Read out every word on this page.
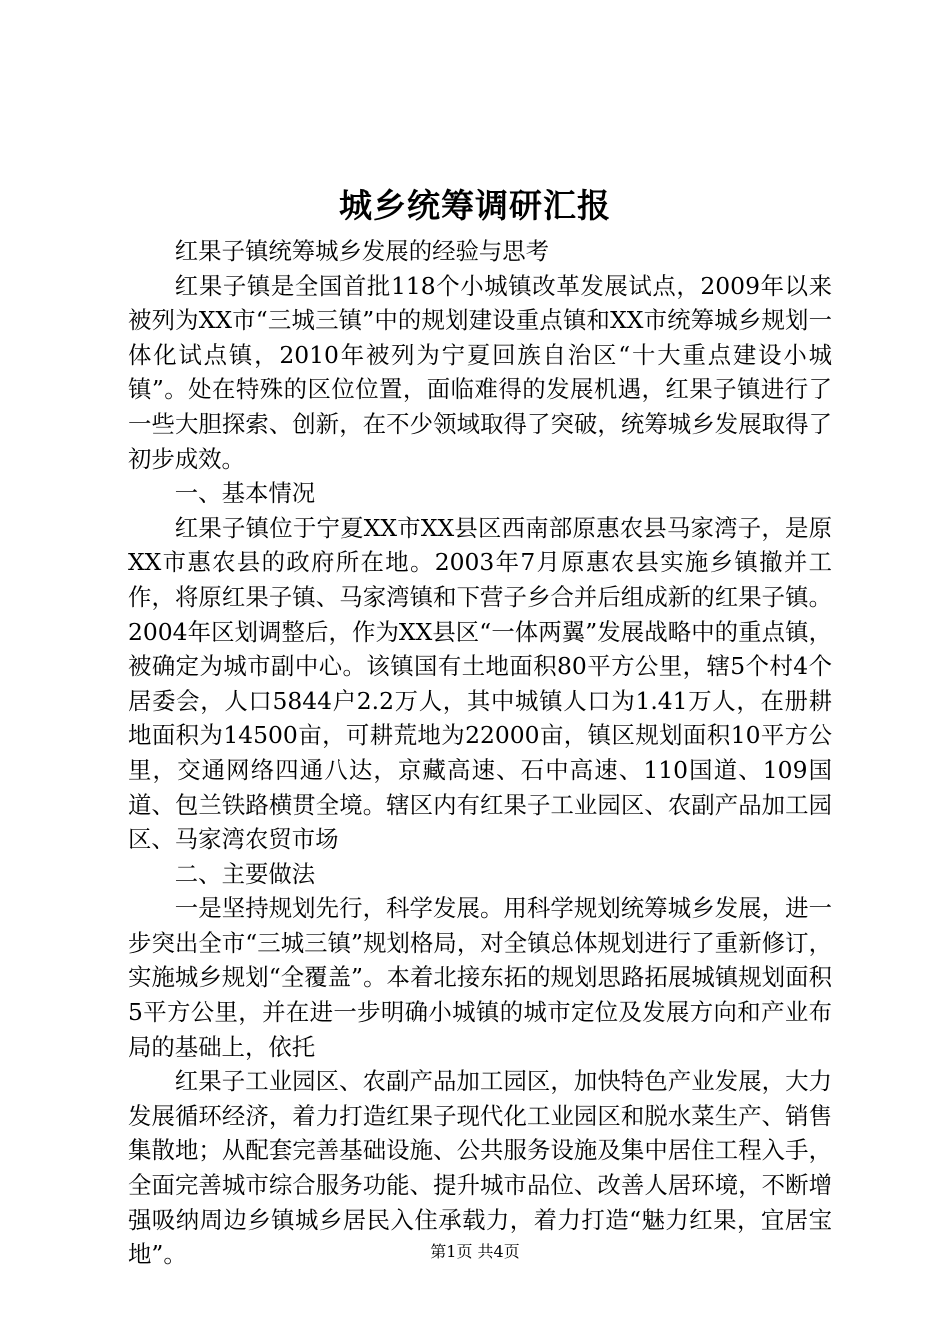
城乡统筹调研汇报

红果子镇统筹城乡发展的经验与思考

红果子镇是全国首批118个小城镇改革发展试点，2009年以来被列为XX市“三城三镇”中的规划建设重点镇和XX市统筹城乡规划一体化试点镇，2010年被列为宁夏回族自治区“十大重点建设小城镇”。处在特殊的区位位置，面临难得的发展机遇，红果子镇进行了一些大胆探索、创新，在不少领域取得了突破，统筹城乡发展取得了初步成效。

一、基本情况

红果子镇位于宁夏XX市XX县区西南部原惠农县马家湾子，是原XX市惠农县的政府所在地。2003年7月原惠农县实施乡镇撤并工作，将原红果子镇、马家湾镇和下营子乡合并后组成新的红果子镇。2004年区划调整后，作为XX县区“一体两翼”发展战略中的重点镇，被确定为城市副中心。该镇国有土地面积80平方公里，辖5个村4个居委会，人口5844户2.2万人，其中城镇人口为1.41万人，在册耕地面积为14500亩，可耕荒地为22000亩，镇区规划面积10平方公里，交通网络四通八达，京藏高速、石中高速、110国道、109国道、包兰铁路横贯全境。辖区内有红果子工业园区、农副产品加工园区、马家湾农贸市场

二、主要做法

一是坚持规划先行，科学发展。用科学规划统筹城乡发展，进一步突出全市“三城三镇”规划格局，对全镇总体规划进行了重新修订，实施城乡规划“全覆盖”。本着北接东拓的规划思路拓展城镇规划面积5平方公里，并在进一步明确小城镇的城市定位及发展方向和产业布局的基础上，依托

红果子工业园区、农副产品加工园区，加快特色产业发展，大力发展循环经济，着力打造红果子现代化工业园区和脱水菜生产、销售集散地；从配套完善基础设施、公共服务设施及集中居住工程入手，全面完善城市综合服务功能、提升城市品位、改善人居环境，不断增强吸纳周边乡镇城乡居民入住承载力，着力打造“魅力红果，宜居宝地”。	第1页 共4页
